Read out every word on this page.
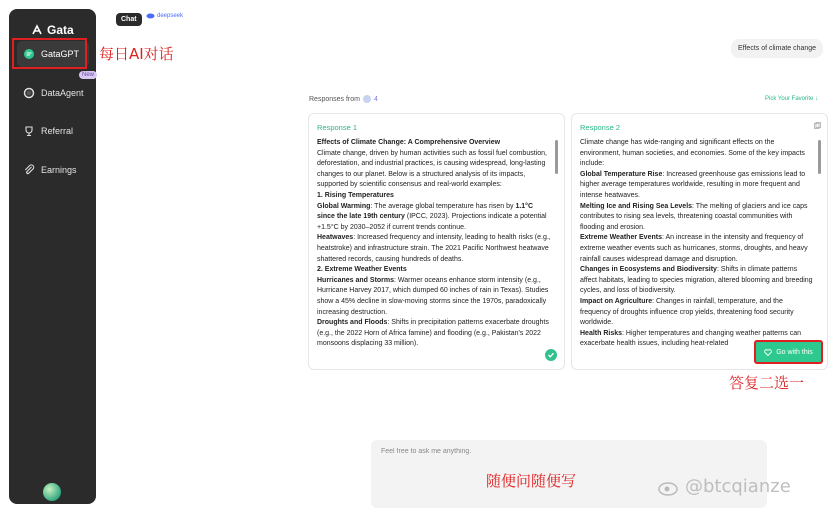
Gata
GataGPT
DataAgent
Referral
Earnings
New
每日AI对话
Chat
deepseek
Effects of climate change
Responses from 4	Pick Your Favorite ↓
Response 1
Effects of Climate Change: A Comprehensive Overview
Climate change, driven by human activities such as fossil fuel combustion, deforestation, and industrial practices, is causing widespread, long-lasting changes to our planet. Below is a structured analysis of its impacts, supported by scientific consensus and real-world examples:
1. Rising Temperatures
Global Warming: The average global temperature has risen by 1.1°C since the late 19th century (IPCC, 2023). Projections indicate a potential +1.5°C by 2030–2052 if current trends continue.
Heatwaves: Increased frequency and intensity, leading to health risks (e.g., heatstroke) and infrastructure strain. The 2021 Pacific Northwest heatwave shattered records, causing hundreds of deaths.
2. Extreme Weather Events
Hurricanes and Storms: Warmer oceans enhance storm intensity (e.g., Hurricane Harvey 2017, which dumped 60 inches of rain in Texas). Studies show a 45% decline in slow-moving storms since the 1970s, paradoxically increasing destruction.
Droughts and Floods: Shifts in precipitation patterns exacerbate droughts (e.g., the 2022 Horn of Africa famine) and flooding (e.g., Pakistan's 2022 monsoons displacing 33 million).
Response 2
Climate change has wide-ranging and significant effects on the environment, human societies, and economies. Some of the key impacts include:
Global Temperature Rise: Increased greenhouse gas emissions lead to higher average temperatures worldwide, resulting in more frequent and intense heatwaves.
Melting Ice and Rising Sea Levels: The melting of glaciers and ice caps contributes to rising sea levels, threatening coastal communities with flooding and erosion.
Extreme Weather Events: An increase in the intensity and frequency of extreme weather events such as hurricanes, storms, droughts, and heavy rainfall causes widespread damage and disruption.
Changes in Ecosystems and Biodiversity: Shifts in climate patterns affect habitats, leading to species migration, altered blooming and breeding cycles, and loss of biodiversity.
Impact on Agriculture: Changes in rainfall, temperature, and the frequency of droughts influence crop yields, threatening food security worldwide.
Health Risks: Higher temperatures and changing weather patterns can exacerbate health issues, including heat-related
Go with this
答复二选一
Feel free to ask me anything.
随便问随便写	@btcqianze
